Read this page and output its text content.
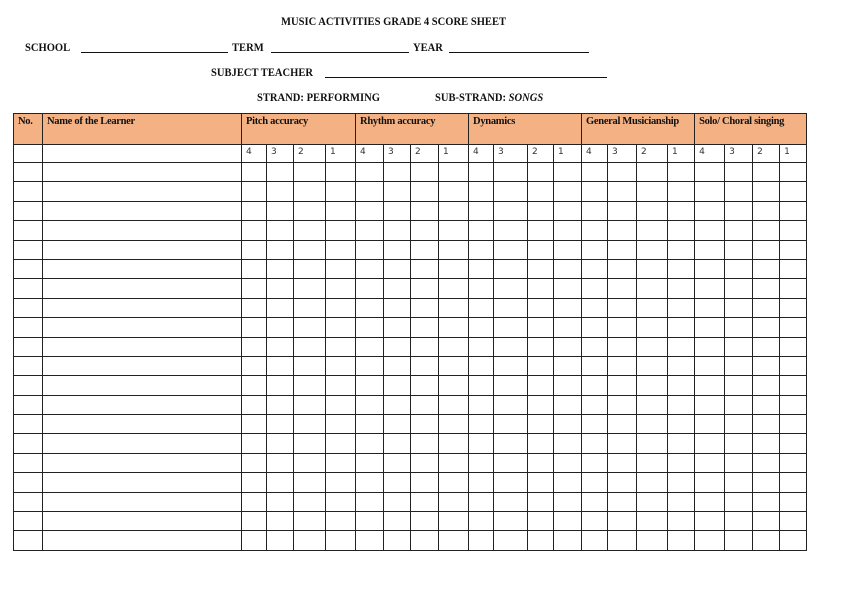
MUSIC ACTIVITIES GRADE 4 SCORE SHEET
SCHOOL	TERM	YEAR
SUBJECT TEACHER
STRAND: PERFORMING	SUB-STRAND: SONGS
No.	Name of the Learner	Pitch accuracy				Rhythm accuracy				Dynamics				General Musicianship				Solo/ Choral singing			
		4	3	2	1	4	3	2	1	4	3	2	1	4	3	2	1	4	3	2	1
